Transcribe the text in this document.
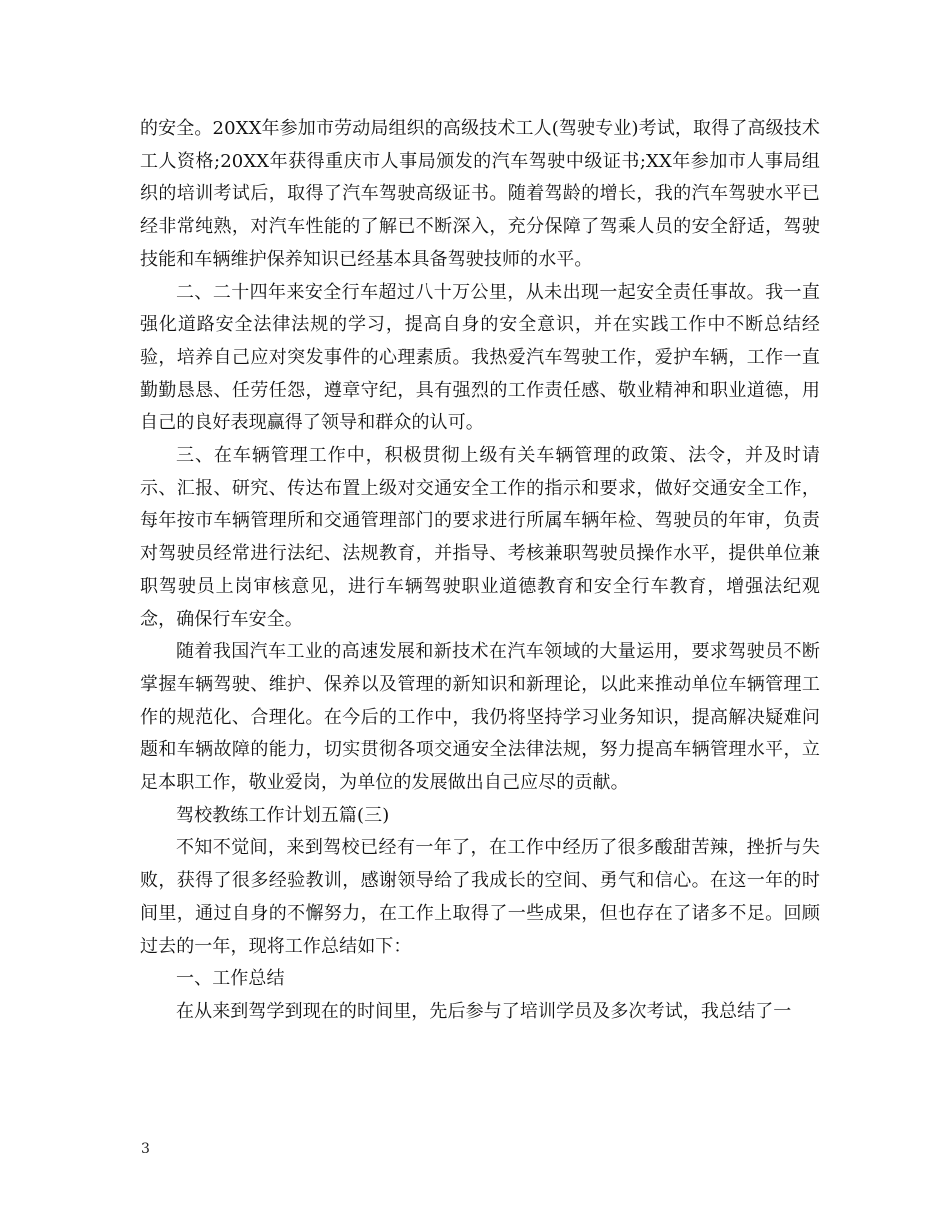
的安全。20XX年参加市劳动局组织的高级技术工人(驾驶专业)考试，取得了高级技术工人资格;20XX年获得重庆市人事局颁发的汽车驾驶中级证书;XX年参加市人事局组织的培训考试后，取得了汽车驾驶高级证书。随着驾龄的增长，我的汽车驾驶水平已经非常纯熟，对汽车性能的了解已不断深入，充分保障了驾乘人员的安全舒适，驾驶技能和车辆维护保养知识已经基本具备驾驶技师的水平。

二、二十四年来安全行车超过八十万公里，从未出现一起安全责任事故。我一直强化道路安全法律法规的学习，提高自身的安全意识，并在实践工作中不断总结经验，培养自己应对突发事件的心理素质。我热爱汽车驾驶工作，爱护车辆，工作一直勤勤恳恳、任劳任怨，遵章守纪，具有强烈的工作责任感、敬业精神和职业道德，用自己的良好表现赢得了领导和群众的认可。

三、在车辆管理工作中，积极贯彻上级有关车辆管理的政策、法令，并及时请示、汇报、研究、传达布置上级对交通安全工作的指示和要求，做好交通安全工作，每年按市车辆管理所和交通管理部门的要求进行所属车辆年检、驾驶员的年审，负责对驾驶员经常进行法纪、法规教育，并指导、考核兼职驾驶员操作水平，提供单位兼职驾驶员上岗审核意见，进行车辆驾驶职业道德教育和安全行车教育，增强法纪观念，确保行车安全。

随着我国汽车工业的高速发展和新技术在汽车领域的大量运用，要求驾驶员不断掌握车辆驾驶、维护、保养以及管理的新知识和新理论，以此来推动单位车辆管理工作的规范化、合理化。在今后的工作中，我仍将坚持学习业务知识，提高解决疑难问题和车辆故障的能力，切实贯彻各项交通安全法律法规，努力提高车辆管理水平，立足本职工作，敬业爱岗，为单位的发展做出自己应尽的贡献。

驾校教练工作计划五篇(三)

不知不觉间，来到驾校已经有一年了，在工作中经历了很多酸甜苦辣，挫折与失败，获得了很多经验教训，感谢领导给了我成长的空间、勇气和信心。在这一年的时间里，通过自身的不懈努力，在工作上取得了一些成果，但也存在了诸多不足。回顾过去的一年，现将工作总结如下：

一、工作总结

在从来到驾学到现在的时间里，先后参与了培训学员及多次考试，我总结了一

3
